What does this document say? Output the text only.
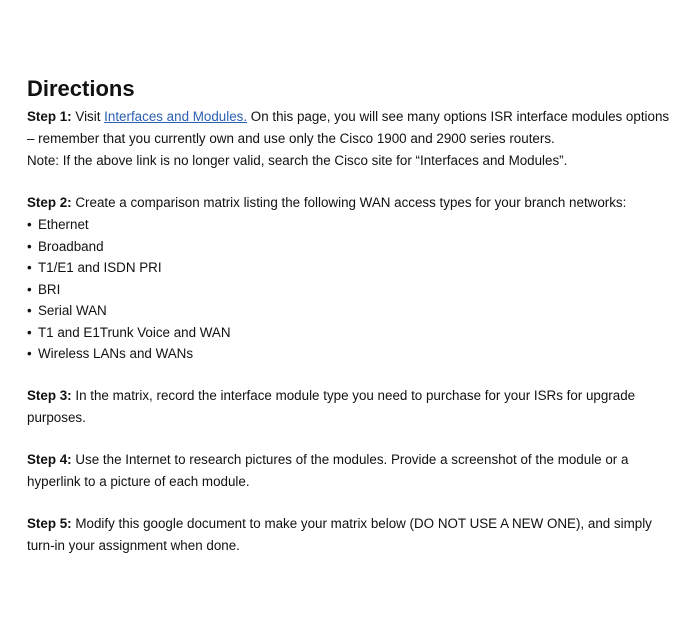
Directions

Step 1: Visit Interfaces and Modules. On this page, you will see many options ISR interface modules options – remember that you currently own and use only the Cisco 1900 and 2900 series routers.

Note: If the above link is no longer valid, search the Cisco site for “Interfaces and Modules”.

Step 2: Create a comparison matrix listing the following WAN access types for your branch networks:

• Ethernet
• Broadband
• T1/E1 and ISDN PRI
• BRI
• Serial WAN
• T1 and E1Trunk Voice and WAN
• Wireless LANs and WANs

Step 3: In the matrix, record the interface module type you need to purchase for your ISRs for upgrade purposes.

Step 4: Use the Internet to research pictures of the modules. Provide a screenshot of the module or a hyperlink to a picture of each module.

Step 5: Modify this google document to make your matrix below (DO NOT USE A NEW ONE), and simply turn-in your assignment when done.
